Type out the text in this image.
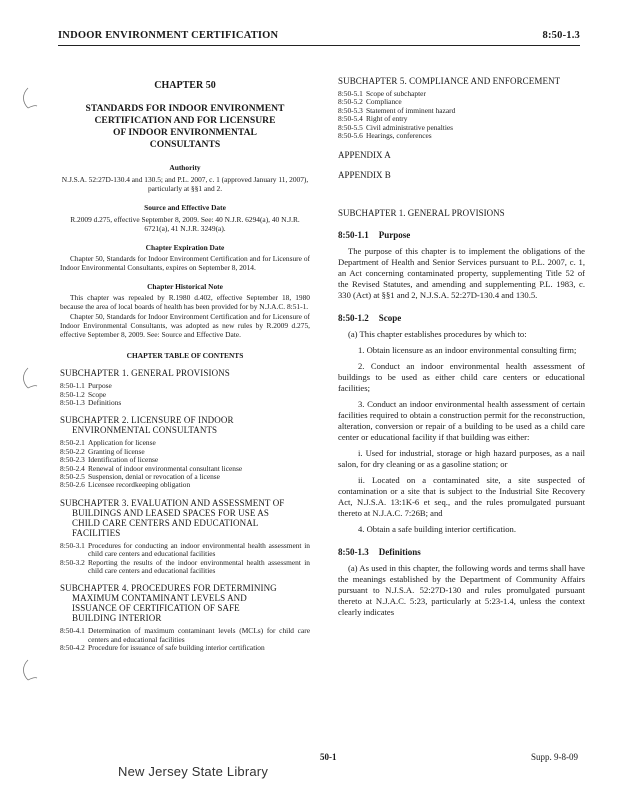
INDOOR ENVIRONMENT CERTIFICATION	8:50-1.3
CHAPTER 50
STANDARDS FOR INDOOR ENVIRONMENT
CERTIFICATION AND FOR LICENSURE
OF INDOOR ENVIRONMENTAL
CONSULTANTS
Authority
N.J.S.A. 52:27D-130.4 and 130.5; and P.L. 2007, c. 1 (approved January 11, 2007), particularly at §§1 and 2.
Source and Effective Date
R.2009 d.275, effective September 8, 2009. See: 40 N.J.R. 6294(a), 40 N.J.R. 6721(a), 41 N.J.R. 3249(a).
Chapter Expiration Date
Chapter 50, Standards for Indoor Environment Certification and for Licensure of Indoor Environmental Consultants, expires on September 8, 2014.
Chapter Historical Note
This chapter was repealed by R.1980 d.402, effective September 18, 1980 because the area of local boards of health has been provided for by N.J.A.C. 8:51-1.
Chapter 50, Standards for Indoor Environment Certification and for Licensure of Indoor Environmental Consultants, was adopted as new rules by R.2009 d.275, effective September 8, 2009. See: Source and Effective Date.
CHAPTER TABLE OF CONTENTS
SUBCHAPTER 1. GENERAL PROVISIONS
8:50-1.1 Purpose
8:50-1.2 Scope
8:50-1.3 Definitions
SUBCHAPTER 2. LICENSURE OF INDOOR
ENVIRONMENTAL CONSULTANTS
8:50-2.1 Application for license
8:50-2.2 Granting of license
8:50-2.3 Identification of license
8:50-2.4 Renewal of indoor environmental consultant license
8:50-2.5 Suspension, denial or revocation of a license
8:50-2.6 Licensee recordkeeping obligation
SUBCHAPTER 3. EVALUATION AND ASSESSMENT OF
BUILDINGS AND LEASED SPACES FOR USE AS
CHILD CARE CENTERS AND EDUCATIONAL
FACILITIES
8:50-3.1 Procedures for conducting an indoor environmental health assessment in child care centers and educational facilities
8:50-3.2 Reporting the results of the indoor environmental health assessment in child care centers and educational facilities
SUBCHAPTER 4. PROCEDURES FOR DETERMINING
MAXIMUM CONTAMINANT LEVELS AND
ISSUANCE OF CERTIFICATION OF SAFE
BUILDING INTERIOR
8:50-4.1 Determination of maximum contaminant levels (MCLs) for child care centers and educational facilities
8:50-4.2 Procedure for issuance of safe building interior certification
SUBCHAPTER 5. COMPLIANCE AND ENFORCEMENT
8:50-5.1 Scope of subchapter
8:50-5.2 Compliance
8:50-5.3 Statement of imminent hazard
8:50-5.4 Right of entry
8:50-5.5 Civil administrative penalties
8:50-5.6 Hearings, conferences
APPENDIX A
APPENDIX B
SUBCHAPTER 1. GENERAL PROVISIONS
8:50-1.1 Purpose
The purpose of this chapter is to implement the obligations of the Department of Health and Senior Services pursuant to P.L. 2007, c. 1, an Act concerning contaminated property, supplementing Title 52 of the Revised Statutes, and amending and supplementing P.L. 1983, c. 330 (Act) at §§1 and 2, N.J.S.A. 52:27D-130.4 and 130.5.
8:50-1.2 Scope
(a) This chapter establishes procedures by which to:
1. Obtain licensure as an indoor environmental consulting firm;
2. Conduct an indoor environmental health assessment of buildings to be used as either child care centers or educational facilities;
3. Conduct an indoor environmental health assessment of certain facilities required to obtain a construction permit for the reconstruction, alteration, conversion or repair of a building to be used as a child care center or educational facility if that building was either:
i. Used for industrial, storage or high hazard purposes, as a nail salon, for dry cleaning or as a gasoline station; or
ii. Located on a contaminated site, a site suspected of contamination or a site that is subject to the Industrial Site Recovery Act, N.J.S.A. 13:1K-6 et seq., and the rules promulgated pursuant thereto at N.J.A.C. 7:26B; and
4. Obtain a safe building interior certification.
8:50-1.3 Definitions
(a) As used in this chapter, the following words and terms shall have the meanings established by the Department of Community Affairs pursuant to N.J.S.A. 52:27D-130 and rules promulgated pursuant thereto at N.J.A.C. 5:23, particularly at 5:23-1.4, unless the context clearly indicates
50-1	Supp. 9-8-09
New Jersey State Library
